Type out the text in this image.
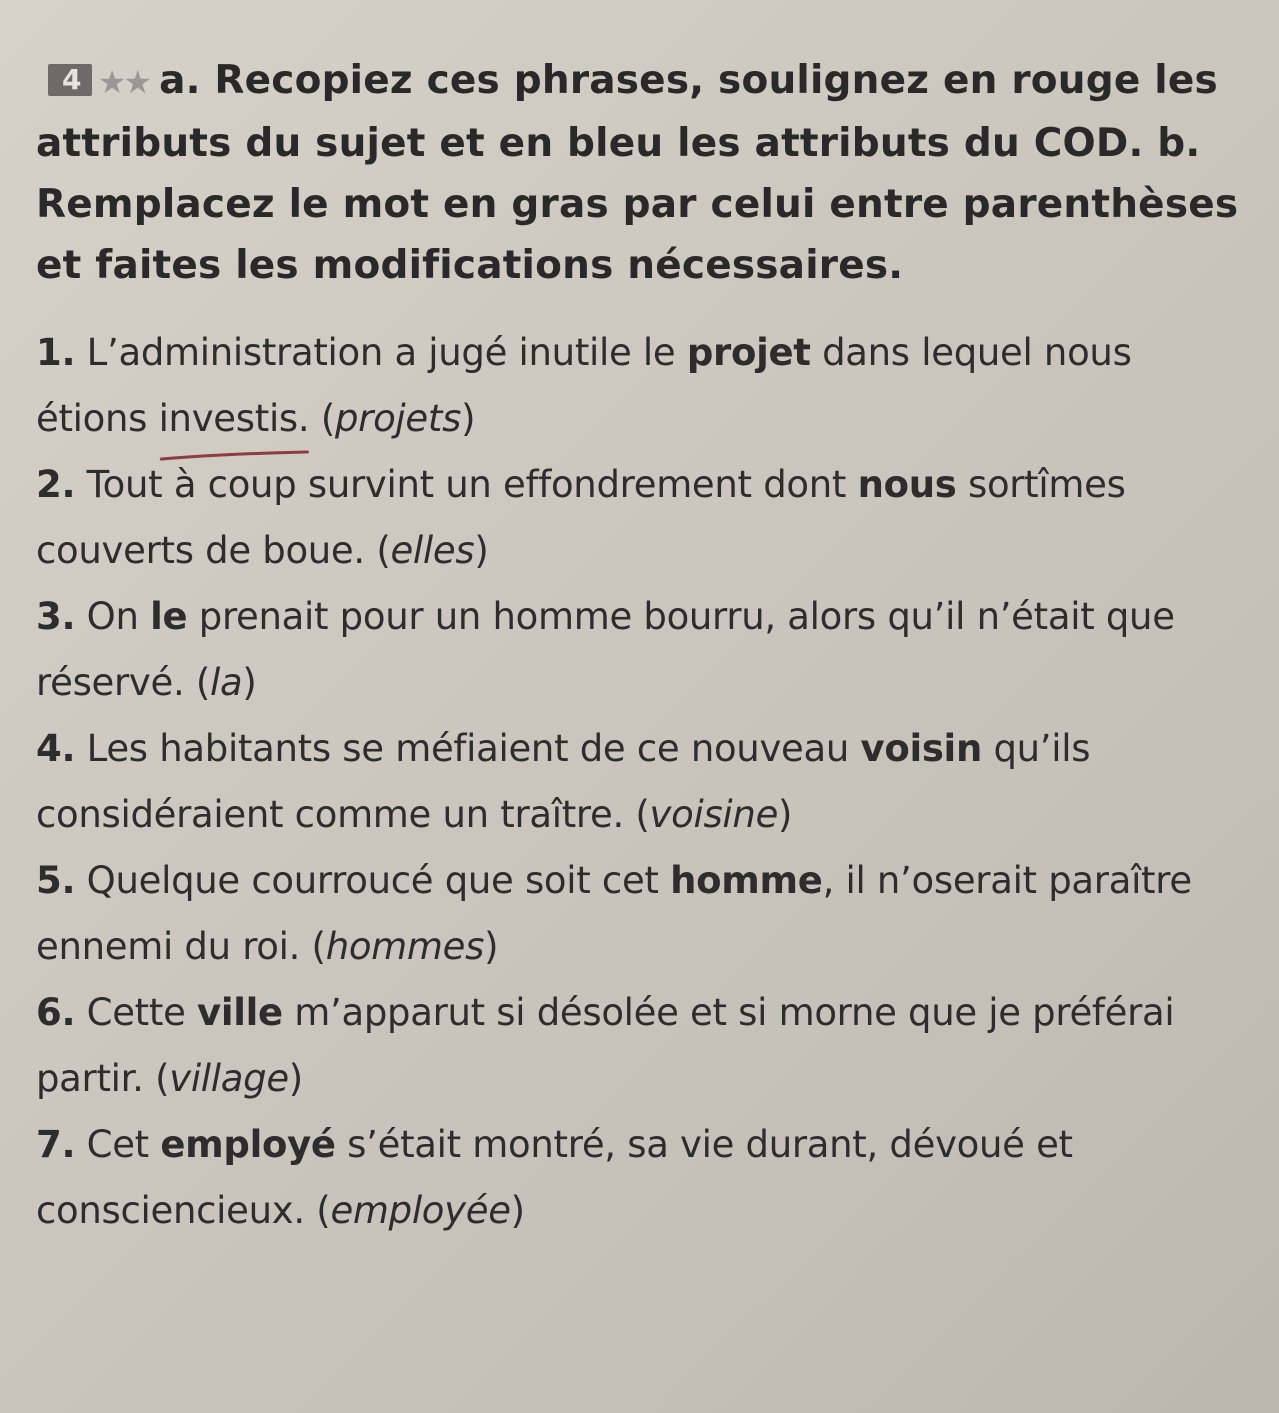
4 ★★ a. Recopiez ces phrases, soulignez en rouge les attributs du sujet et en bleu les attributs du COD. b. Remplacez le mot en gras par celui entre parenthèses et faites les modifications nécessaires.
1. L’administration a jugé inutile le projet dans lequel nous étions investis.
(projets)
2. Tout à coup survint un effondrement dont nous sortîmes couverts de boue. (elles)
3. On le prenait pour un homme bourru, alors qu’il n’était que réservé. (la)
4. Les habitants se méfiaient de ce nouveau voisin qu’ils considéraient comme un traître. (voisine)
5. Quelque courroucé que soit cet homme, il n’oserait paraître ennemi du roi. (hommes)
6. Cette ville m’apparut si désolée et si morne que je préférai partir. (village)
7. Cet employé s’était montré, sa vie durant, dévoué et consciencieux. (employée)
